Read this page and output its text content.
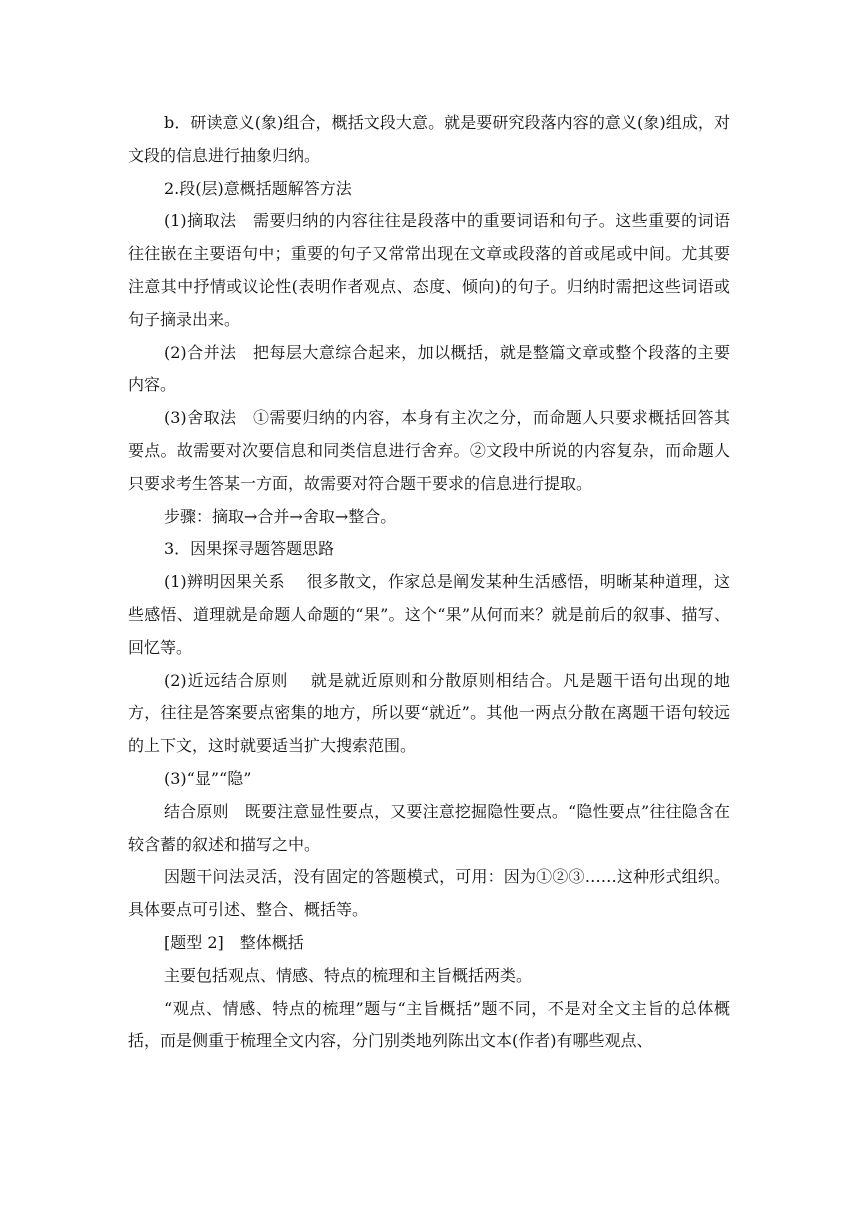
b．研读意义(象)组合，概括文段大意。就是要研究段落内容的意义(象)组成，对文段的信息进行抽象归纳。

2.段(层)意概括题解答方法

(1)摘取法　需要归纳的内容往往是段落中的重要词语和句子。这些重要的词语往往嵌在主要语句中；重要的句子又常常出现在文章或段落的首或尾或中间。尤其要注意其中抒情或议论性(表明作者观点、态度、倾向)的句子。归纳时需把这些词语或句子摘录出来。

(2)合并法　把每层大意综合起来，加以概括，就是整篇文章或整个段落的主要内容。

(3)舍取法　①需要归纳的内容，本身有主次之分，而命题人只要求概括回答其要点。故需要对次要信息和同类信息进行舍弃。②文段中所说的内容复杂，而命题人只要求考生答某一方面，故需要对符合题干要求的信息进行提取。

步骤：摘取→合并→舍取→整合。

3．因果探寻题答题思路

(1)辨明因果关系　 很多散文，作家总是阐发某种生活感悟，明晰某种道理，这些感悟、道理就是命题人命题的“果”。这个“果”从何而来？就是前后的叙事、描写、回忆等。

(2)近远结合原则　 就是就近原则和分散原则相结合。凡是题干语句出现的地方，往往是答案要点密集的地方，所以要“就近”。其他一两点分散在离题干语句较远的上下文，这时就要适当扩大搜索范围。

(3)“显”“隐”

结合原则　既要注意显性要点，又要注意挖掘隐性要点。“隐性要点”往往隐含在较含蓄的叙述和描写之中。

因题干问法灵活，没有固定的答题模式，可用：因为①②③……这种形式组织。具体要点可引述、整合、概括等。

[题型 2]　整体概括

主要包括观点、情感、特点的梳理和主旨概括两类。

“观点、情感、特点的梳理”题与“主旨概括”题不同，不是对全文主旨的总体概括，而是侧重于梳理全文内容，分门别类地列陈出文本(作者)有哪些观点、
